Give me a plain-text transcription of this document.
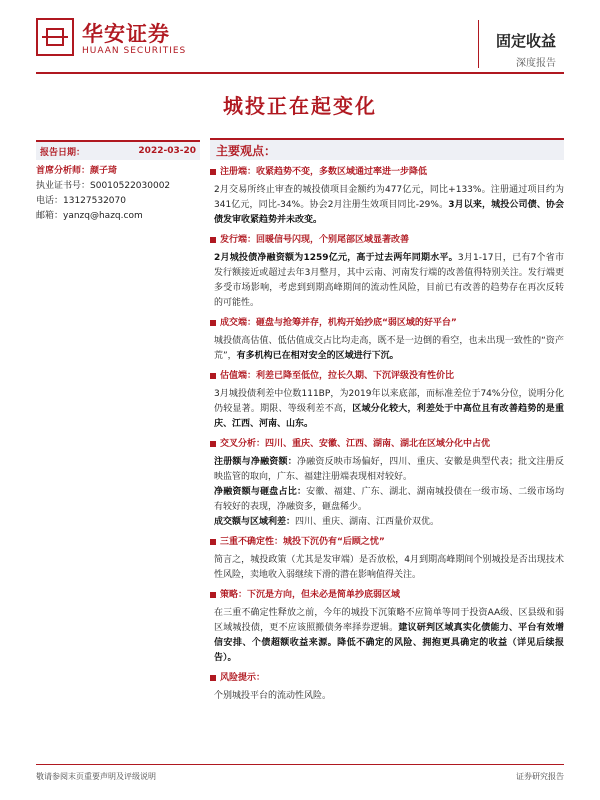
华安证券
HUAAN SECURITIES
固定收益
深度报告
城投正在起变化
报告日期：	2022-03-20
首席分析师：颜子琦
执业证书号：S0010522030002
电话：13127532070
邮箱：yanzq@hazq.com
主要观点：
注册端：收紧趋势不变，多数区域通过率进一步降低
2月交易所终止审查的城投债项目金额约为477亿元，同比+133%。注册通过项目约为341亿元，同比-34%。协会2月注册生效项目同比-29%。3月以来，城投公司债、协会债发审收紧趋势并未改变。
发行端：回暖信号闪现，个别尾部区域显著改善
2月城投债净融资额为1259亿元，高于过去两年同期水平。3月1-17日，已有7个省市发行额接近或超过去年3月整月，其中云南、河南发行端的改善值得特别关注。发行端更多受市场影响，考虑到到期高峰期间的流动性风险，目前已有改善的趋势存在再次反转的可能性。
成交端：砸盘与抢筹并存，机构开始抄底“弱区域的好平台”
城投债高估值、低估值成交占比均走高，既不是一边倒的看空，也未出现一致性的“资产荒”，有多机构已在相对安全的区域进行下沉。
估值端：利差已降至低位，拉长久期、下沉评级没有性价比
3月城投债利差中位数111BP，为2019年以来底部，而标准差位于74%分位，说明分化仍较显著。期限、等级利差不高，区域分化较大，利差处于中高位且有改善趋势的是重庆、江西、河南、山东。
交叉分析：四川、重庆、安徽、江西、湖南、湖北在区域分化中占优
注册额与净融资额：净融资反映市场偏好，四川、重庆、安徽是典型代表；批文注册反映监管的取向，广东、福建注册端表现相对较好。
净融资额与砸盘占比：安徽、福建、广东、湖北、湖南城投债在一级市场、二级市场均有较好的表现，净融资多，砸盘稀少。
成交额与区域利差：四川、重庆、湖南、江西量价双优。
三重不确定性：城投下沉仍有“后顾之忧”
简言之，城投政策（尤其是发审端）是否放松，4月到期高峰期间个别城投是否出现技术性风险，卖地收入弱继续下滑的潜在影响值得关注。
策略：下沉是方向，但未必是简单抄底弱区域
在三重不确定性释放之前，今年的城投下沉策略不应简单等同于投资AA级、区县级和弱区域城投债，更不应该照搬债务率择券逻辑。建议研判区域真实化债能力、平台有效增信安排、个债超额收益来源。降低不确定的风险、拥抱更具确定的收益（详见后续报告）。
风险提示：
个别城投平台的流动性风险。
敬请参阅末页重要声明及评级说明	证券研究报告
